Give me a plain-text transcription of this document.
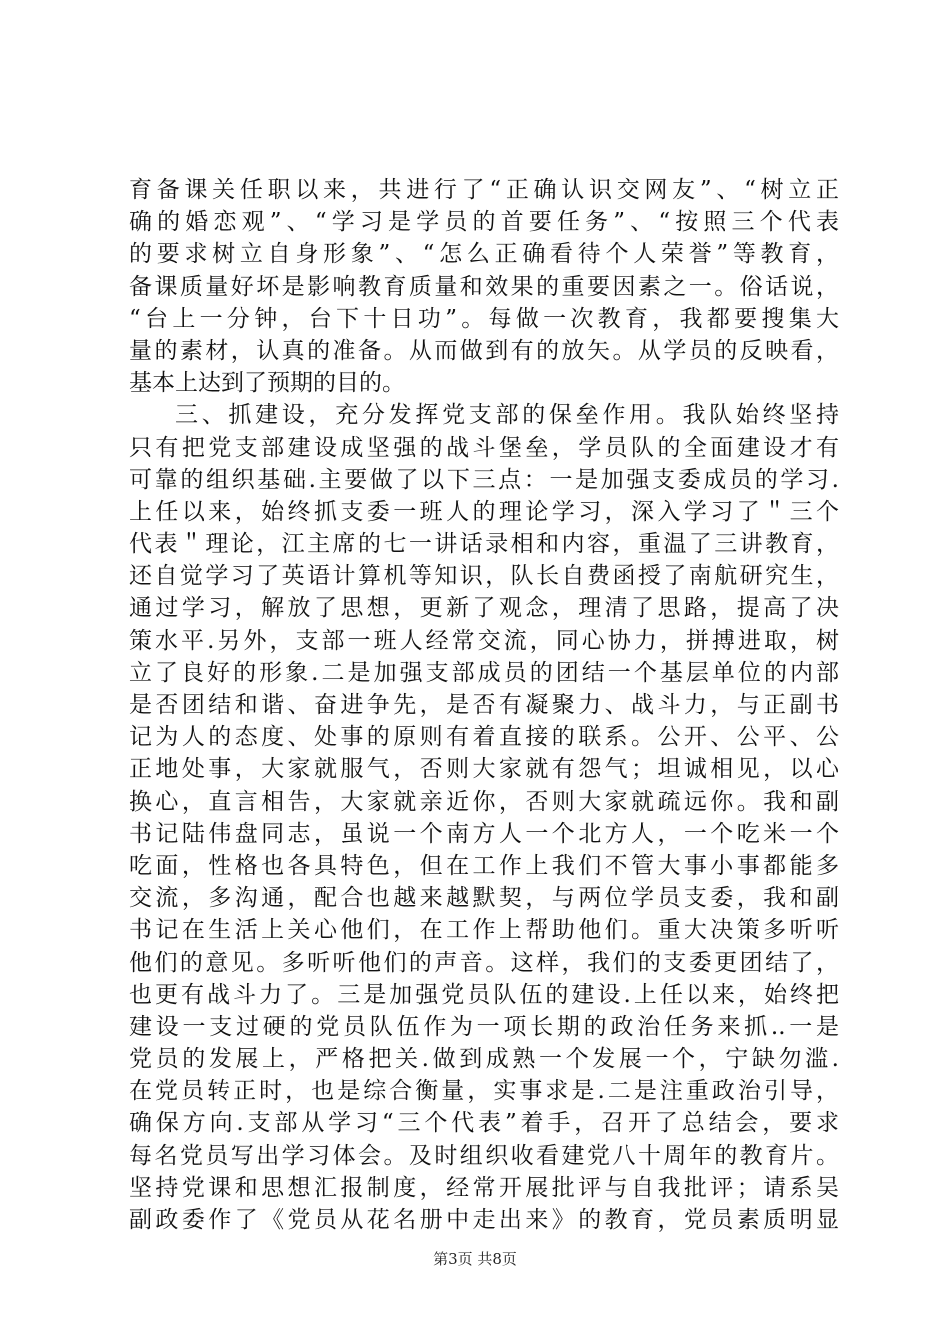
育备课关任职以来，共进行了“正确认识交网友”、“树立正
确的婚恋观”、“学习是学员的首要任务”、“按照三个代表
的要求树立自身形象”、“怎么正确看待个人荣誉”等教育，
备课质量好坏是影响教育质量和效果的重要因素之一。俗话说，
“台上一分钟，台下十日功”。每做一次教育，我都要搜集大
量的素材，认真的准备。从而做到有的放矢。从学员的反映看，
基本上达到了预期的目的。
三、抓建设，充分发挥党支部的保垒作用。我队始终坚持
只有把党支部建设成坚强的战斗堡垒，学员队的全面建设才有
可靠的组织基础.主要做了以下三点：一是加强支委成员的学习.
上任以来，始终抓支委一班人的理论学习，深入学习了＂三个
代表＂理论，江主席的七一讲话录相和内容，重温了三讲教育，
还自觉学习了英语计算机等知识，队长自费函授了南航研究生，
通过学习，解放了思想，更新了观念，理清了思路，提高了决
策水平.另外，支部一班人经常交流，同心协力，拼搏进取，树
立了良好的形象.二是加强支部成员的团结一个基层单位的内部
是否团结和谐、奋进争先，是否有凝聚力、战斗力，与正副书
记为人的态度、处事的原则有着直接的联系。公开、公平、公
正地处事，大家就服气，否则大家就有怨气；坦诚相见，以心
换心，直言相告，大家就亲近你，否则大家就疏远你。我和副
书记陆伟盘同志，虽说一个南方人一个北方人，一个吃米一个
吃面，性格也各具特色，但在工作上我们不管大事小事都能多
交流，多沟通，配合也越来越默契，与两位学员支委，我和副
书记在生活上关心他们，在工作上帮助他们。重大决策多听听
他们的意见。多听听他们的声音。这样，我们的支委更团结了，
也更有战斗力了。三是加强党员队伍的建设.上任以来，始终把
建设一支过硬的党员队伍作为一项长期的政治任务来抓..一是
党员的发展上，严格把关.做到成熟一个发展一个，宁缺勿滥.
在党员转正时，也是综合衡量，实事求是.二是注重政治引导，
确保方向.支部从学习“三个代表”着手，召开了总结会，要求
每名党员写出学习体会。及时组织收看建党八十周年的教育片。
坚持党课和思想汇报制度，经常开展批评与自我批评；请系吴
副政委作了《党员从花名册中走出来》的教育，党员素质明显
第3页 共8页
